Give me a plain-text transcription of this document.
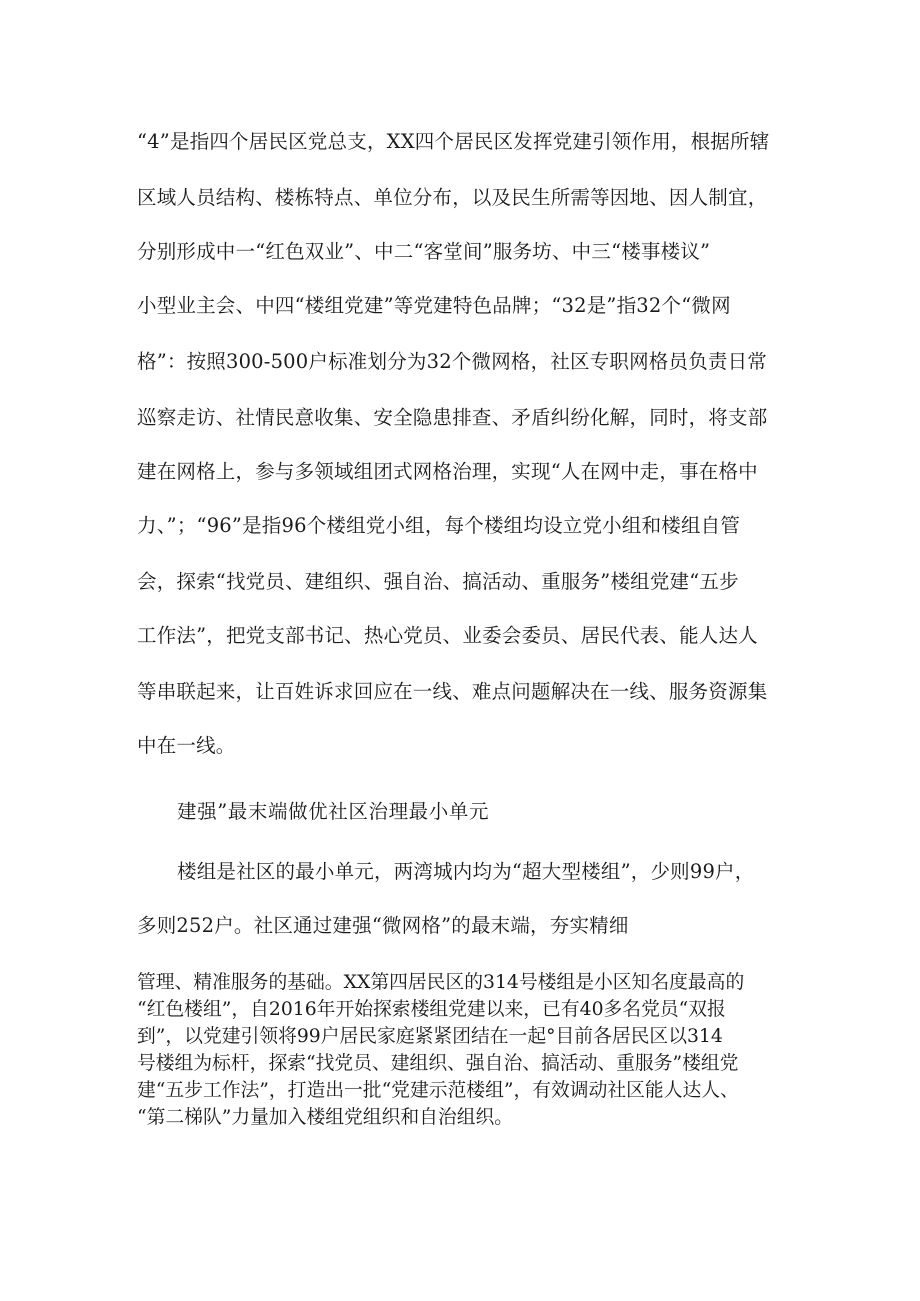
“4”是指四个居民区党总支，XX四个居民区发挥党建引领作用，根据所辖
区域人员结构、楼栋特点、单位分布，以及民生所需等因地、因人制宜，
分别形成中一“红色双业”、中二“客堂间”服务坊、中三“楼事楼议”
小型业主会、中四“楼组党建”等党建特色品牌；“32是”指32个“微网
格”：按照300-500户标准划分为32个微网格，社区专职网格员负责日常
巡察走访、社情民意收集、安全隐患排查、矛盾纠纷化解，同时，将支部
建在网格上，参与多领域组团式网格治理，实现“人在网中走，事在格中
力、”；“96”是指96个楼组党小组，每个楼组均设立党小组和楼组自管
会，探索“找党员、建组织、强自治、搞活动、重服务”楼组党建“五步
工作法”，把党支部书记、热心党员、业委会委员、居民代表、能人达人
等串联起来，让百姓诉求回应在一线、难点问题解决在一线、服务资源集
中在一线。
建强”最末端做优社区治理最小单元
楼组是社区的最小单元，两湾城内均为“超大型楼组”，少则99户，
多则252户。社区通过建强“微网格”的最末端，夯实精细
管理、精准服务的基础。XX第四居民区的314号楼组是小区知名度最高的
“红色楼组”，自2016年开始探索楼组党建以来，已有40多名党员“双报
到”，以党建引领将99户居民家庭紧紧团结在一起°目前各居民区以314
号楼组为标杆，探索“找党员、建组织、强自治、搞活动、重服务”楼组党
建“五步工作法”，打造出一批“党建示范楼组”，有效调动社区能人达人、
“第二梯队”力量加入楼组党组织和自治组织。
